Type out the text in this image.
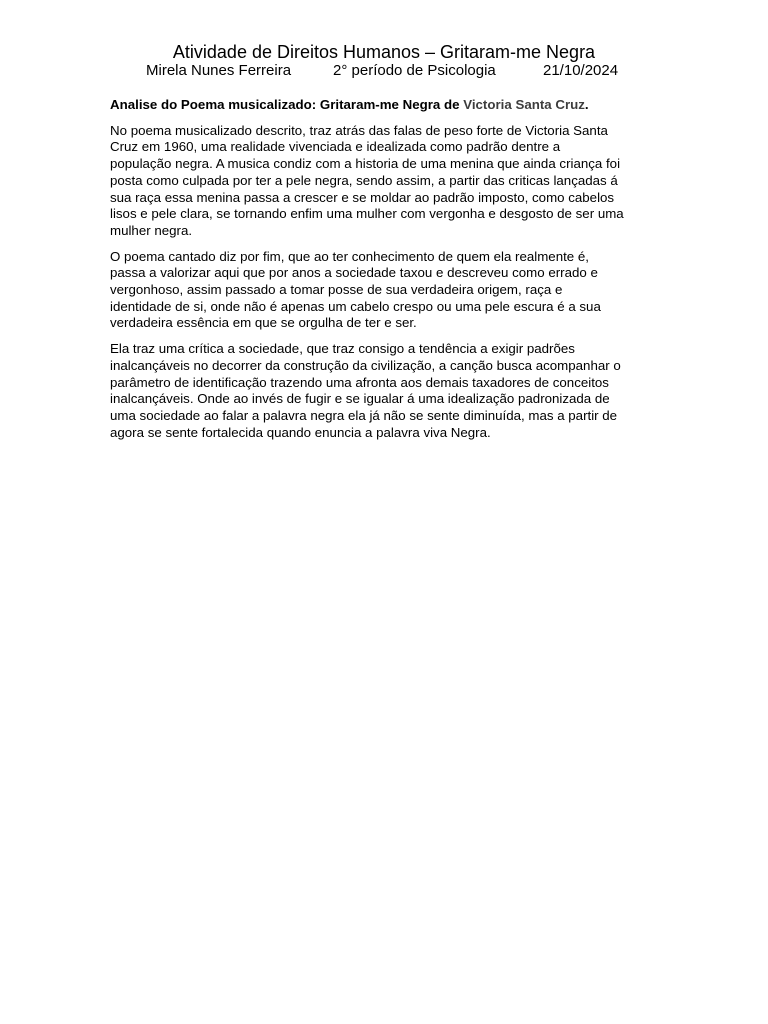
Atividade de Direitos Humanos – Gritaram-me Negra
Mirela Nunes Ferreira	2° período de Psicologia	21/10/2024

Analise do Poema musicalizado: Gritaram-me Negra de Victoria Santa Cruz.

No poema musicalizado descrito, traz atrás das falas de peso forte de Victoria Santa
Cruz em 1960, uma realidade vivenciada e idealizada como padrão dentre a
população negra. A musica condiz com a historia de uma menina que ainda criança foi
posta como culpada por ter a pele negra, sendo assim, a partir das criticas lançadas á
sua raça essa menina passa a crescer e se moldar ao padrão imposto, como cabelos
lisos e pele clara, se tornando enfim uma mulher com vergonha e desgosto de ser uma
mulher negra.

O poema cantado diz por fim, que ao ter conhecimento de quem ela realmente é,
passa a valorizar aqui que por anos a sociedade taxou e descreveu como errado e
vergonhoso, assim passado a tomar posse de sua verdadeira origem, raça e
identidade de si, onde não é apenas um cabelo crespo ou uma pele escura é a sua
verdadeira essência em que se orgulha de ter e ser.

Ela traz uma crítica a sociedade, que traz consigo a tendência a exigir padrões
inalcançáveis no decorrer da construção da civilização, a canção busca acompanhar o
parâmetro de identificação trazendo uma afronta aos demais taxadores de conceitos
inalcançáveis. Onde ao invés de fugir e se igualar á uma idealização padronizada de
uma sociedade ao falar a palavra negra ela já não se sente diminuída, mas a partir de
agora se sente fortalecida quando enuncia a palavra viva Negra.
